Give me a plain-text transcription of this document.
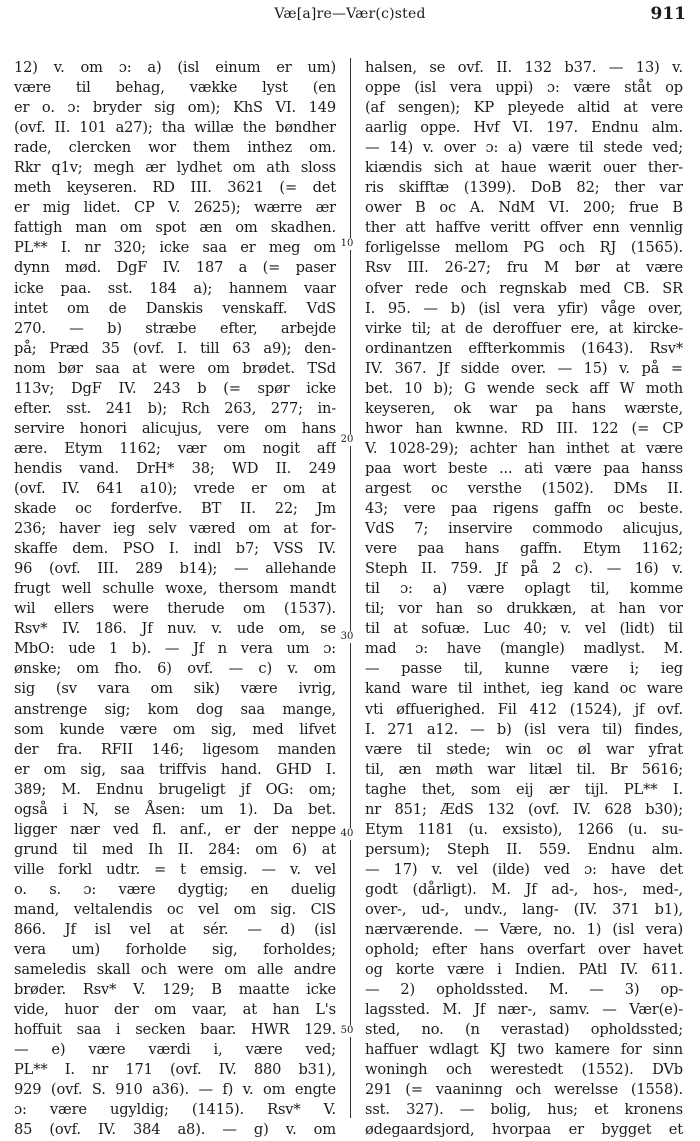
Væ[a]re—Vær(c)sted	911
10
20
30
40
50
12) v. om ɔ: a) (isl einum er um)
være til behag, vække lyst (en
er o. ɔ: bryder sig om); KhS VI. 149
(ovf. II. 101 a27); tha willæ the bøndher
rade, clercken wor them inthez om.
Rkr q1v; megh ær lydhet om ath sloss
meth keyseren. RD III. 3621 (= det
er mig lidet. CP V. 2625); wærre ær
fattigh man om spot æn om skadhen.
PL** I. nr 320; icke saa er meg om
dynn mød. DgF IV. 187 a (= paser
icke paa. sst. 184 a); hannem vaar
intet om de Danskis venskaff. VdS
270. — b) stræbe efter, arbejde
på; Præd 35 (ovf. I. till 63 a9); den-
nom bør saa at were om brødet. TSd
113v; DgF IV. 243 b (= spør icke
efter. sst. 241 b); Rch 263, 277; in-
servire honori alicujus, vere om hans
ære. Etym 1162; vær om nogit aff
hendis vand. DrH* 38; WD II. 249
(ovf. IV. 641 a10); vrede er om at
skade oc forderfve. BT II. 22; Jm
236; haver ieg selv væred om at for-
skaffe dem. PSO I. indl b7; VSS IV.
96 (ovf. III. 289 b14); — allehande
frugt well schulle woxe, thersom mandt
wil ellers were therude om (1537).
Rsv* IV. 186. Jf nuv. v. ude om, se
MbO: ude 1 b). — Jf n vera um ɔ:
ønske; om fho. 6) ovf. — c) v. om
sig (sv vara om sik) være ivrig,
anstrenge sig; kom dog saa mange,
som kunde være om sig, med lifvet
der fra. RFII 146; ligesom manden
er om sig, saa triffvis hand. GHD I.
389; M. Endnu brugeligt jf OG: om;
også i N, se Åsen: um 1). Da bet.
ligger nær ved fl. anf., er der neppe
grund til med Ih II. 284: om 6) at
ville forkl udtr. = t emsig. — v. vel
o. s. ɔ: være dygtig; en duelig
mand, veltalendis oc vel om sig. ClS
866. Jf isl vel at sér. — d) (isl
vera um) forholde sig, forholdes;
sameledis skall och were om alle andre
brøder. Rsv* V. 129; B maatte icke
vide, huor der om vaar, at han L's
hoffuit saa i secken baar. HWR 129.
— e) være værdi i, være ved;
PL** I. nr 171 (ovf. IV. 880 b31),
929 (ovf. S. 910 a36). — f) v. om engte
ɔ: være ugyldig; (1415). Rsv* V.
85 (ovf. IV. 384 a8). — g) v. om
halsen, se ovf. II. 132 b37. — 13) v.
oppe (isl vera uppi) ɔ: være ståt op
(af sengen); KP pleyede altid at vere
aarlig oppe. Hvf VI. 197. Endnu alm.
— 14) v. over ɔ: a) være til stede ved;
kiændis sich at haue wærit ouer ther-
ris skifftæ (1399). DoB 82; ther var
ower B oc A. NdM VI. 200; frue B
ther att haffve veritt offver enn vennlig
forligelsse mellom PG och RJ (1565).
Rsv III. 26-27; fru M bør at være
ofver rede och regnskab med CB. SR
I. 95. — b) (isl vera yfir) våge over,
virke til; at de deroffuer ere, at kircke-
ordinantzen effterkommis (1643). Rsv*
IV. 367. Jf sidde over. — 15) v. på =
bet. 10 b); G wende seck aff W moth
keyseren, ok war pa hans wærste,
hwor han kwnne. RD III. 122 (= CP
V. 1028-29); achter han inthet at være
paa wort beste ... ati være paa hanss
argest oc versthe (1502). DMs II.
43; vere paa rigens gaffn oc beste.
VdS 7; inservire commodo alicujus,
vere paa hans gaffn. Etym 1162;
Steph II. 759. Jf på 2 c). — 16) v.
til ɔ: a) være oplagt til, komme
til; vor han so drukkæn, at han vor
til at sofuæ. Luc 40; v. vel (lidt) til
mad ɔ: have (mangle) madlyst. M.
— passe til, kunne være i; ieg
kand ware til inthet, ieg kand oc ware
vti øffuerighed. Fil 412 (1524), jf ovf.
I. 271 a12. — b) (isl vera til) findes,
være til stede; win oc øl war yfrat
til, æn møth war litæl til. Br 5616;
taghe thet, som eij ær tijl. PL** I.
nr 851; ÆdS 132 (ovf. IV. 628 b30);
Etym 1181 (u. exsisto), 1266 (u. su-
persum); Steph II. 559. Endnu alm.
— 17) v. vel (ilde) ved ɔ: have det
godt (dårligt). M. Jf ad-, hos-, med-,
over-, ud-, undv., lang- (IV. 371 b1),
nærværende. — Være, no. 1) (isl vera)
ophold; efter hans overfart over havet
og korte være i Indien. PAtl IV. 611.
— 2) opholdssted. M. — 3) op-
lagssted. M. Jf nær-, samv. — Vær(e)-
sted, no. (n verastad) opholdssted;
haffuer wdlagt KJ two kamere for sinn
woningh och werestedt (1552). DVb
291 (= vaaninng och werelsse (1558).
sst. 327). — bolig, hus; et kronens
ødegaardsjord, hvorpaa er bygget et
